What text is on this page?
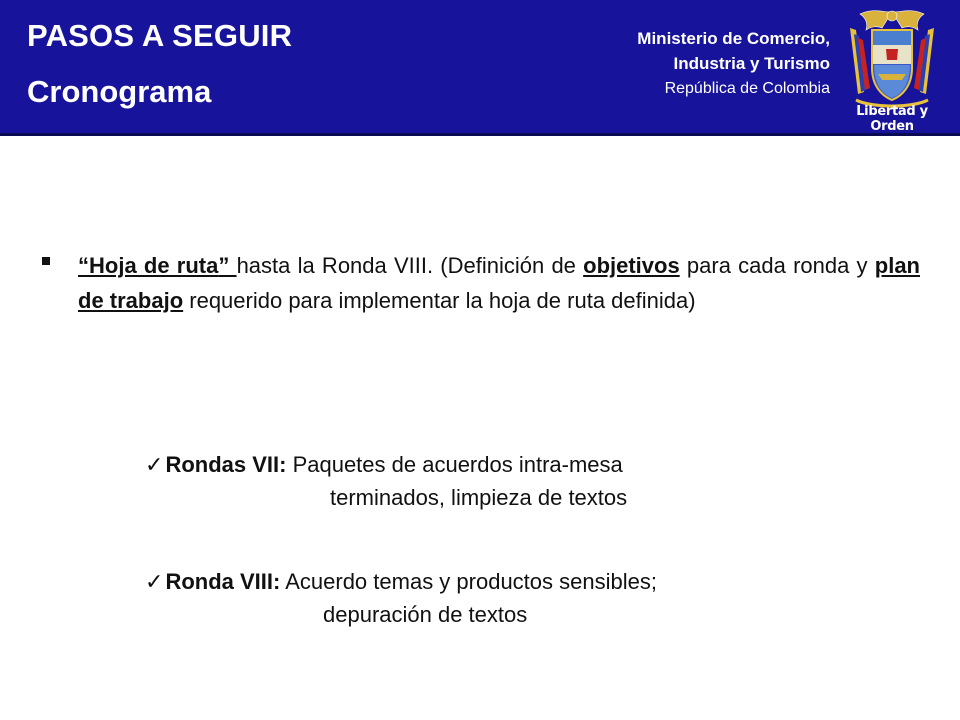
PASOS A SEGUIR
Cronograma
Ministerio de Comercio,
Industria y Turismo
República de Colombia
Libertad y Orden
“Hoja de ruta” hasta la Ronda VIII. (Definición de objetivos para cada ronda y plan de trabajo requerido para implementar la hoja de ruta definida)
✓Rondas VII: Paquetes de acuerdos intra-mesa
terminados, limpieza de textos
✓Ronda VIII: Acuerdo temas y productos sensibles;
depuración de textos
